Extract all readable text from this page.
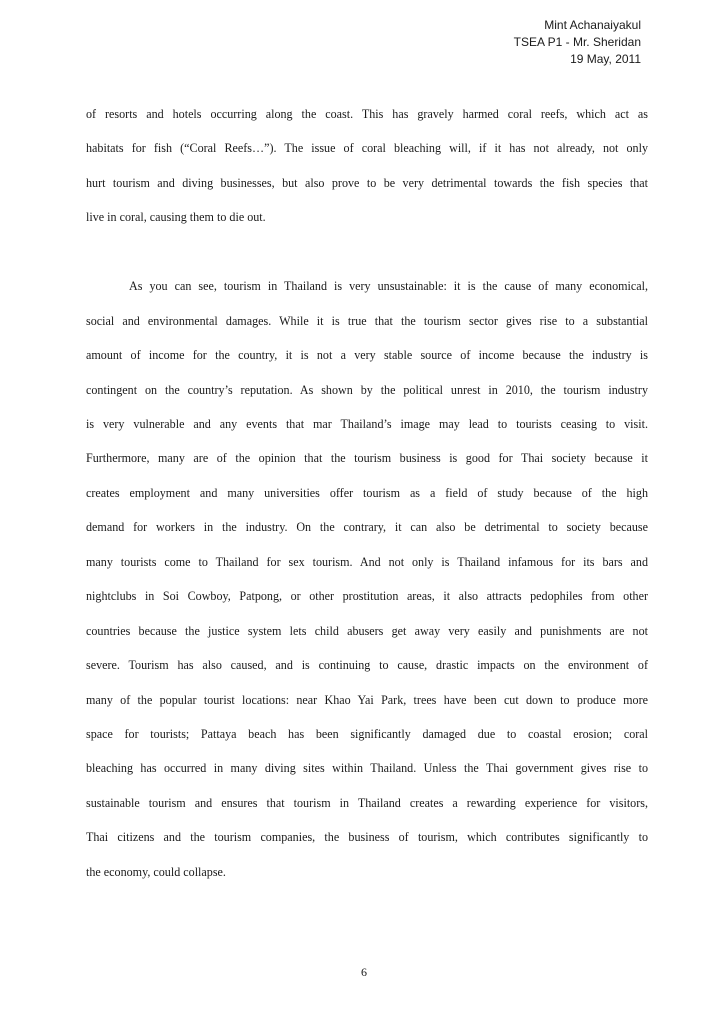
Mint Achanaiyakul
TSEA P1 - Mr. Sheridan
19 May, 2011
of resorts and hotels occurring along the coast. This has gravely harmed coral reefs, which act as
habitats for fish (“Coral Reefs…”). The issue of coral bleaching will, if it has not already, not only
hurt tourism and diving businesses, but also prove to be very detrimental towards the fish species that
live in coral, causing them to die out.
As you can see, tourism in Thailand is very unsustainable: it is the cause of many economical,
social and environmental damages. While it is true that the tourism sector gives rise to a substantial
amount of income for the country, it is not a very stable source of income because the industry is
contingent on the country’s reputation. As shown by the political unrest in 2010, the tourism industry
is very vulnerable and any events that mar Thailand’s image may lead to tourists ceasing to visit.
Furthermore, many are of the opinion that the tourism business is good for Thai society because it
creates employment and many universities offer tourism as a field of study because of the high
demand for workers in the industry. On the contrary, it can also be detrimental to society because
many tourists come to Thailand for sex tourism. And not only is Thailand infamous for its bars and
nightclubs in Soi Cowboy, Patpong, or other prostitution areas, it also attracts pedophiles from other
countries because the justice system lets child abusers get away very easily and punishments are not
severe. Tourism has also caused, and is continuing to cause, drastic impacts on the environment of
many of the popular tourist locations: near Khao Yai Park, trees have been cut down to produce more
space for tourists; Pattaya beach has been significantly damaged due to coastal erosion; coral
bleaching has occurred in many diving sites within Thailand. Unless the Thai government gives rise to
sustainable tourism and ensures that tourism in Thailand creates a rewarding experience for visitors,
Thai citizens and the tourism companies, the business of tourism, which contributes significantly to
the economy, could collapse.
6
